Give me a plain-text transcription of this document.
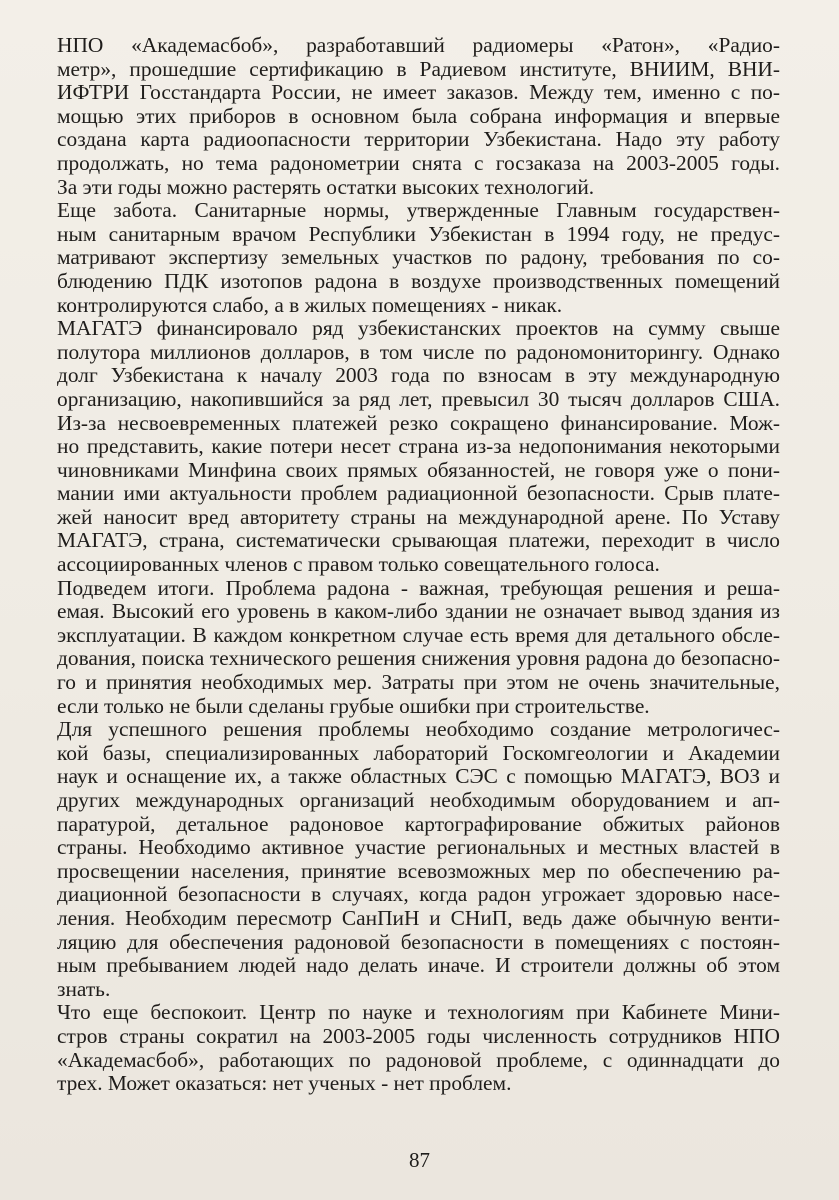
НПО «Академасбоб», разработавший радиомеры «Ратон», «Радио-
метр», прошедшие сертификацию в Радиевом институте, ВНИИМ, ВНИ-
ИФТРИ Госстандарта России, не имеет заказов. Между тем, именно с по-
мощью этих приборов в основном была собрана информация и впервые
создана карта радиоопасности территории Узбекистана. Надо эту работу
продолжать, но тема радонометрии снята с госзаказа на 2003-2005 годы.
За эти годы можно растерять остатки высоких технологий.
Еще забота. Санитарные нормы, утвержденные Главным государствен-
ным санитарным врачом Республики Узбекистан в 1994 году, не предус-
матривают экспертизу земельных участков по радону, требования по со-
блюдению ПДК изотопов радона в воздухе производственных помещений
контролируются слабо, а в жилых помещениях - никак.
МАГАТЭ финансировало ряд узбекистанских проектов на сумму свыше
полутора миллионов долларов, в том числе по радономониторингу. Однако
долг Узбекистана к началу 2003 года по взносам в эту международную
организацию, накопившийся за ряд лет, превысил 30 тысяч долларов США.
Из-за несвоевременных платежей резко сокращено финансирование. Мож-
но представить, какие потери несет страна из-за недопонимания некоторыми
чиновниками Минфина своих прямых обязанностей, не говоря уже о пони-
мании ими актуальности проблем радиационной безопасности. Срыв плате-
жей наносит вред авторитету страны на международной арене. По Уставу
МАГАТЭ, страна, систематически срывающая платежи, переходит в число
ассоциированных членов с правом только совещательного голоса.
Подведем итоги. Проблема радона - важная, требующая решения и реша-
емая. Высокий его уровень в каком-либо здании не означает вывод здания из
эксплуатации. В каждом конкретном случае есть время для детального обсле-
дования, поиска технического решения снижения уровня радона до безопасно-
го и принятия необходимых мер. Затраты при этом не очень значительные,
если только не были сделаны грубые ошибки при строительстве.
Для успешного решения проблемы необходимо создание метрологичес-
кой базы, специализированных лабораторий Госкомгеологии и Академии
наук и оснащение их, а также областных СЭС с помощью МАГАТЭ, ВОЗ и
других международных организаций необходимым оборудованием и ап-
паратурой, детальное радоновое картографирование обжитых районов
страны. Необходимо активное участие региональных и местных властей в
просвещении населения, принятие всевозможных мер по обеспечению ра-
диационной безопасности в случаях, когда радон угрожает здоровью насе-
ления. Необходим пересмотр СанПиН и СНиП, ведь даже обычную венти-
ляцию для обеспечения радоновой безопасности в помещениях с постоян-
ным пребыванием людей надо делать иначе. И строители должны об этом
знать.
Что еще беспокоит. Центр по науке и технологиям при Кабинете Мини-
стров страны сократил на 2003-2005 годы численность сотрудников НПО
«Академасбоб», работающих по радоновой проблеме, с одиннадцати до
трех. Может оказаться: нет ученых - нет проблем.
87
